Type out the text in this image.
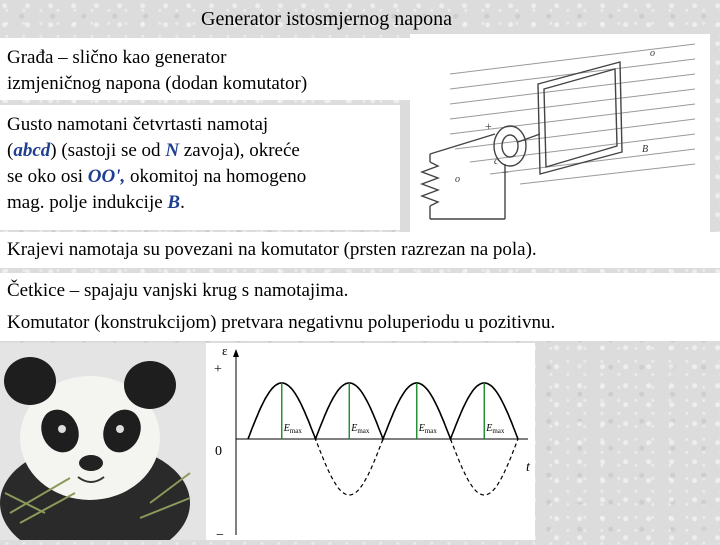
Generator istosmjernog napona
Građa – slično kao generator
izmjeničnog napona (dodan komutator)
Gusto namotani četvrtasti namotaj
(abcd) (sastoji se od N zavoja), okreće
se oko osi OO', okomitoj na homogeno
mag. polje indukcije B.
o
o
+
−
c
B
Krajevi namotaja su povezani na komutator (prsten razrezan na pola).
Četkice – spajaju vanjski krug s namotajima.
Komutator (konstrukcijom) pretvara negativnu poluperiodu u pozitivnu.
ε
+
0
−
t
$E_{max}$	$E_{max}$	$E_{max}$	$E_{max}$
